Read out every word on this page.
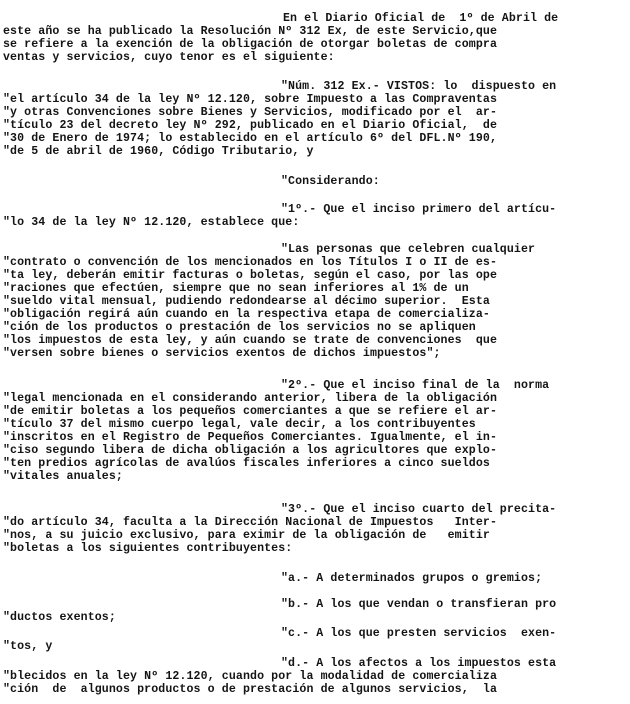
En el Diario Oficial de  1º de Abril de

este año se ha publicado la Resolución Nº 312 Ex, de este Servicio,que

se refiere a la exención de la obligación de otorgar boletas de compra

ventas y servicios, cuyo tenor es el siguiente:

"Núm. 312 Ex.- VISTOS: lo  dispuesto en

"el artículo 34 de la ley Nº 12.120, sobre Impuesto a las Compraventas

"y otras Convenciones sobre Bienes y Servicios, modificado por el  ar-

"tículo 23 del decreto ley Nº 292, publicado en el Diario Oficial,  de

"30 de Enero de 1974; lo establecido en el artículo 6º del DFL.Nº 190,

"de 5 de abril de 1960, Código Tributario, y

"Considerando:

"1º.- Que el inciso primero del artícu-

"lo 34 de la ley Nº 12.120, establece que:

"Las personas que celebren cualquier

"contrato o convención de los mencionados en los Títulos I o II de es-

"ta ley, deberán emitir facturas o boletas, según el caso, por las ope

"raciones que efectúen, siempre que no sean inferiores al 1% de un

"sueldo vital mensual, pudiendo redondearse al décimo superior.  Esta

"obligación regirá aún cuando en la respectiva etapa de comercializa-

"ción de los productos o prestación de los servicios no se apliquen

"los impuestos de esta ley, y aún cuando se trate de convenciones  que

"versen sobre bienes o servicios exentos de dichos impuestos";

"2º.- Que el inciso final de la  norma

"legal mencionada en el considerando anterior, libera de la obligación

"de emitir boletas a los pequeños comerciantes a que se refiere el ar-

"tículo 37 del mismo cuerpo legal, vale decir, a los contribuyentes

"inscritos en el Registro de Pequeños Comerciantes. Igualmente, el in-

"ciso segundo libera de dicha obligación a los agricultores que explo-

"ten predios agrícolas de avalúos fiscales inferiores a cinco sueldos

"vitales anuales;

"3º.- Que el inciso cuarto del precita-

"do artículo 34, faculta a la Dirección Nacional de Impuestos   Inter-

"nos, a su juicio exclusivo, para eximir de la obligación de   emitir

"boletas a los siguientes contribuyentes:

"a.- A determinados grupos o gremios;

"b.- A los que vendan o transfieran pro

"ductos exentos;

"c.- A los que presten servicios  exen-

"tos, y

"d.- A los afectos a los impuestos esta

"blecidos en la ley Nº 12.120, cuando por la modalidad de comercializa

"ción  de  algunos productos o de prestación de algunos servicios,  la
